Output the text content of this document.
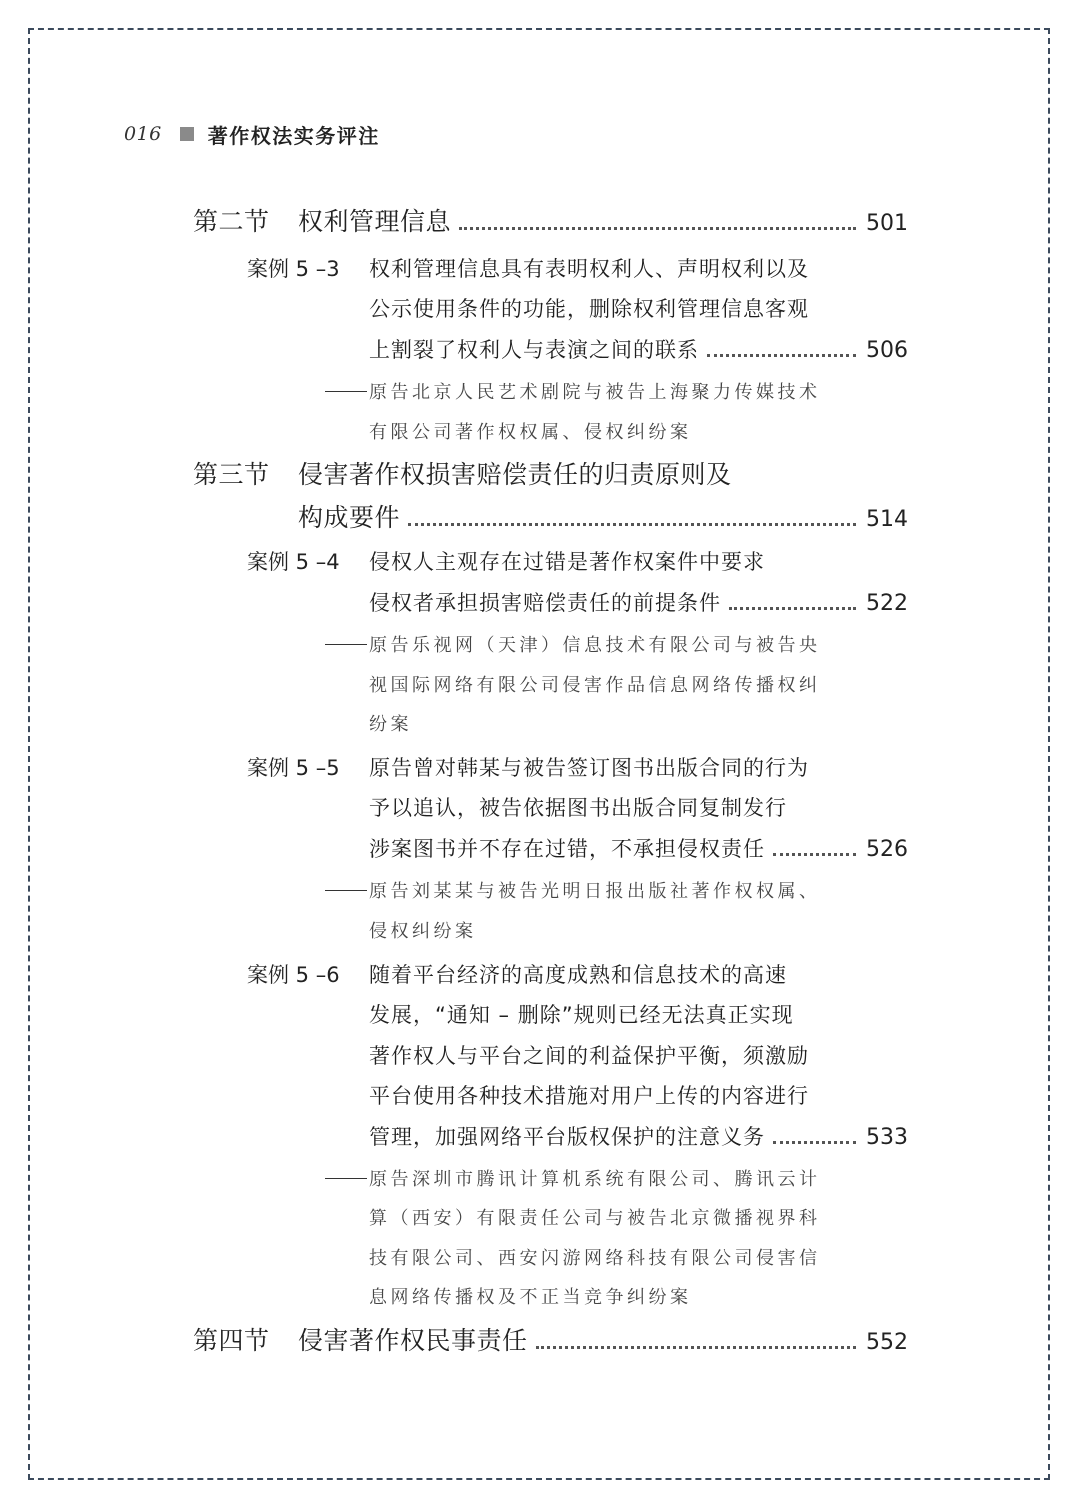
016 著作权法实务评注
第二节 权利管理信息	501
案例 5 –3 权利管理信息具有表明权利人、声明权利以及
公示使用条件的功能，删除权利管理信息客观
上割裂了权利人与表演之间的联系	506
原告北京人民艺术剧院与被告上海聚力传媒技术
有限公司著作权权属、侵权纠纷案
第三节 侵害著作权损害赔偿责任的归责原则及
构成要件	514
案例 5 –4 侵权人主观存在过错是著作权案件中要求
侵权者承担损害赔偿责任的前提条件	522
原告乐视网（天津）信息技术有限公司与被告央
视国际网络有限公司侵害作品信息网络传播权纠
纷案
案例 5 –5 原告曾对韩某与被告签订图书出版合同的行为
予以追认，被告依据图书出版合同复制发行
涉案图书并不存在过错，不承担侵权责任	526
原告刘某某与被告光明日报出版社著作权权属、
侵权纠纷案
案例 5 –6 随着平台经济的高度成熟和信息技术的高速
发展，“通知 – 删除”规则已经无法真正实现
著作权人与平台之间的利益保护平衡，须激励
平台使用各种技术措施对用户上传的内容进行
管理，加强网络平台版权保护的注意义务	533
原告深圳市腾讯计算机系统有限公司、腾讯云计
算（西安）有限责任公司与被告北京微播视界科
技有限公司、西安闪游网络科技有限公司侵害信
息网络传播权及不正当竞争纠纷案
第四节 侵害著作权民事责任	552
